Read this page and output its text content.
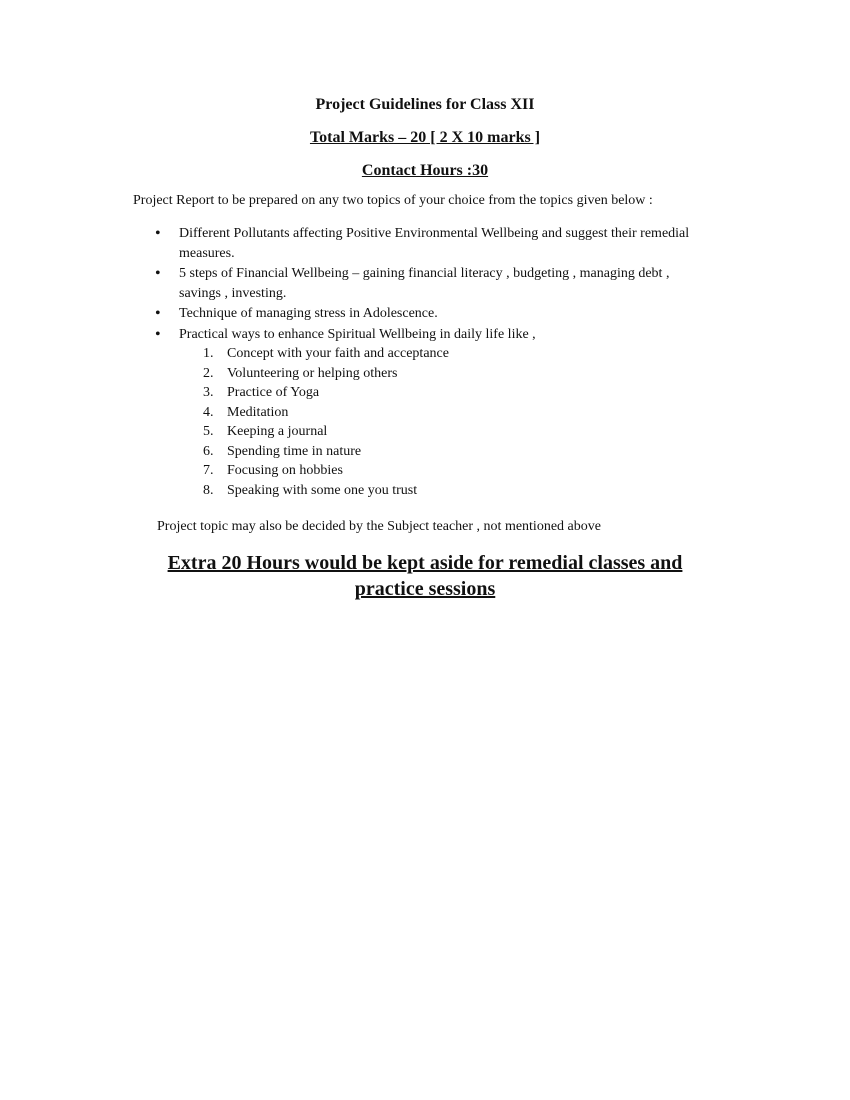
Project Guidelines for Class XII
Total Marks – 20 [ 2 X 10 marks ]
Contact Hours :30

Project Report to be prepared on any two topics of your choice from the topics given below :

• Different Pollutants affecting Positive Environmental Wellbeing and suggest their remedial measures.
• 5 steps of Financial Wellbeing – gaining financial literacy , budgeting , managing debt , savings , investing.
• Technique of managing stress in Adolescence.
• Practical ways to enhance Spiritual Wellbeing in daily life like ,
1. Concept with your faith and acceptance
2. Volunteering or helping others
3. Practice of Yoga
4. Meditation
5. Keeping a journal
6. Spending time in nature
7. Focusing on hobbies
8. Speaking with some one you trust

Project topic may also be decided by the Subject teacher , not mentioned above

Extra 20 Hours would be kept aside for remedial classes and practice sessions
